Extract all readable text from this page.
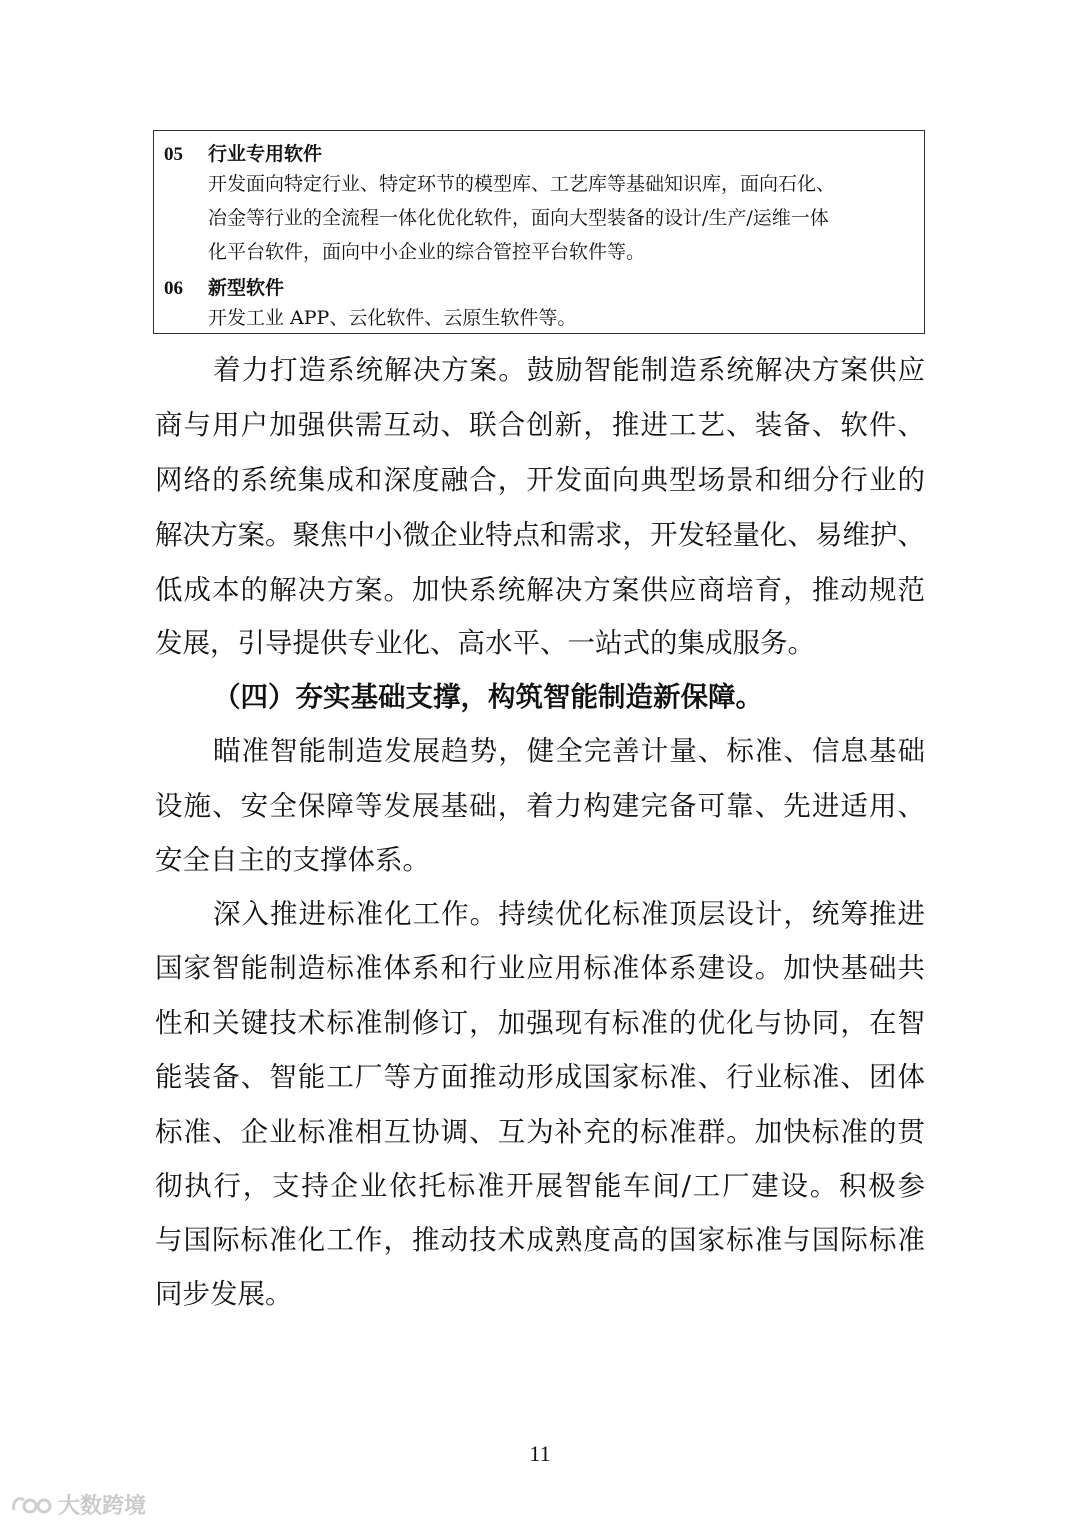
05 行业专用软件
开发面向特定行业、特定环节的模型库、工艺库等基础知识库，面向石化、
冶金等行业的全流程一体化优化软件，面向大型装备的设计/生产/运维一体
化平台软件，面向中小企业的综合管控平台软件等。
06 新型软件
开发工业 APP、云化软件、云原生软件等。
着力打造系统解决方案。鼓励智能制造系统解决方案供应
商与用户加强供需互动、联合创新，推进工艺、装备、软件、
网络的系统集成和深度融合，开发面向典型场景和细分行业的
解决方案。聚焦中小微企业特点和需求，开发轻量化、易维护、
低成本的解决方案。加快系统解决方案供应商培育，推动规范
发展，引导提供专业化、高水平、一站式的集成服务。
（四）夯实基础支撑，构筑智能制造新保障。
瞄准智能制造发展趋势，健全完善计量、标准、信息基础
设施、安全保障等发展基础，着力构建完备可靠、先进适用、
安全自主的支撑体系。
深入推进标准化工作。持续优化标准顶层设计，统筹推进
国家智能制造标准体系和行业应用标准体系建设。加快基础共
性和关键技术标准制修订，加强现有标准的优化与协同，在智
能装备、智能工厂等方面推动形成国家标准、行业标准、团体
标准、企业标准相互协调、互为补充的标准群。加快标准的贯
彻执行，支持企业依托标准开展智能车间/工厂建设。积极参
与国际标准化工作，推动技术成熟度高的国家标准与国际标准
同步发展。
11
大数跨境
